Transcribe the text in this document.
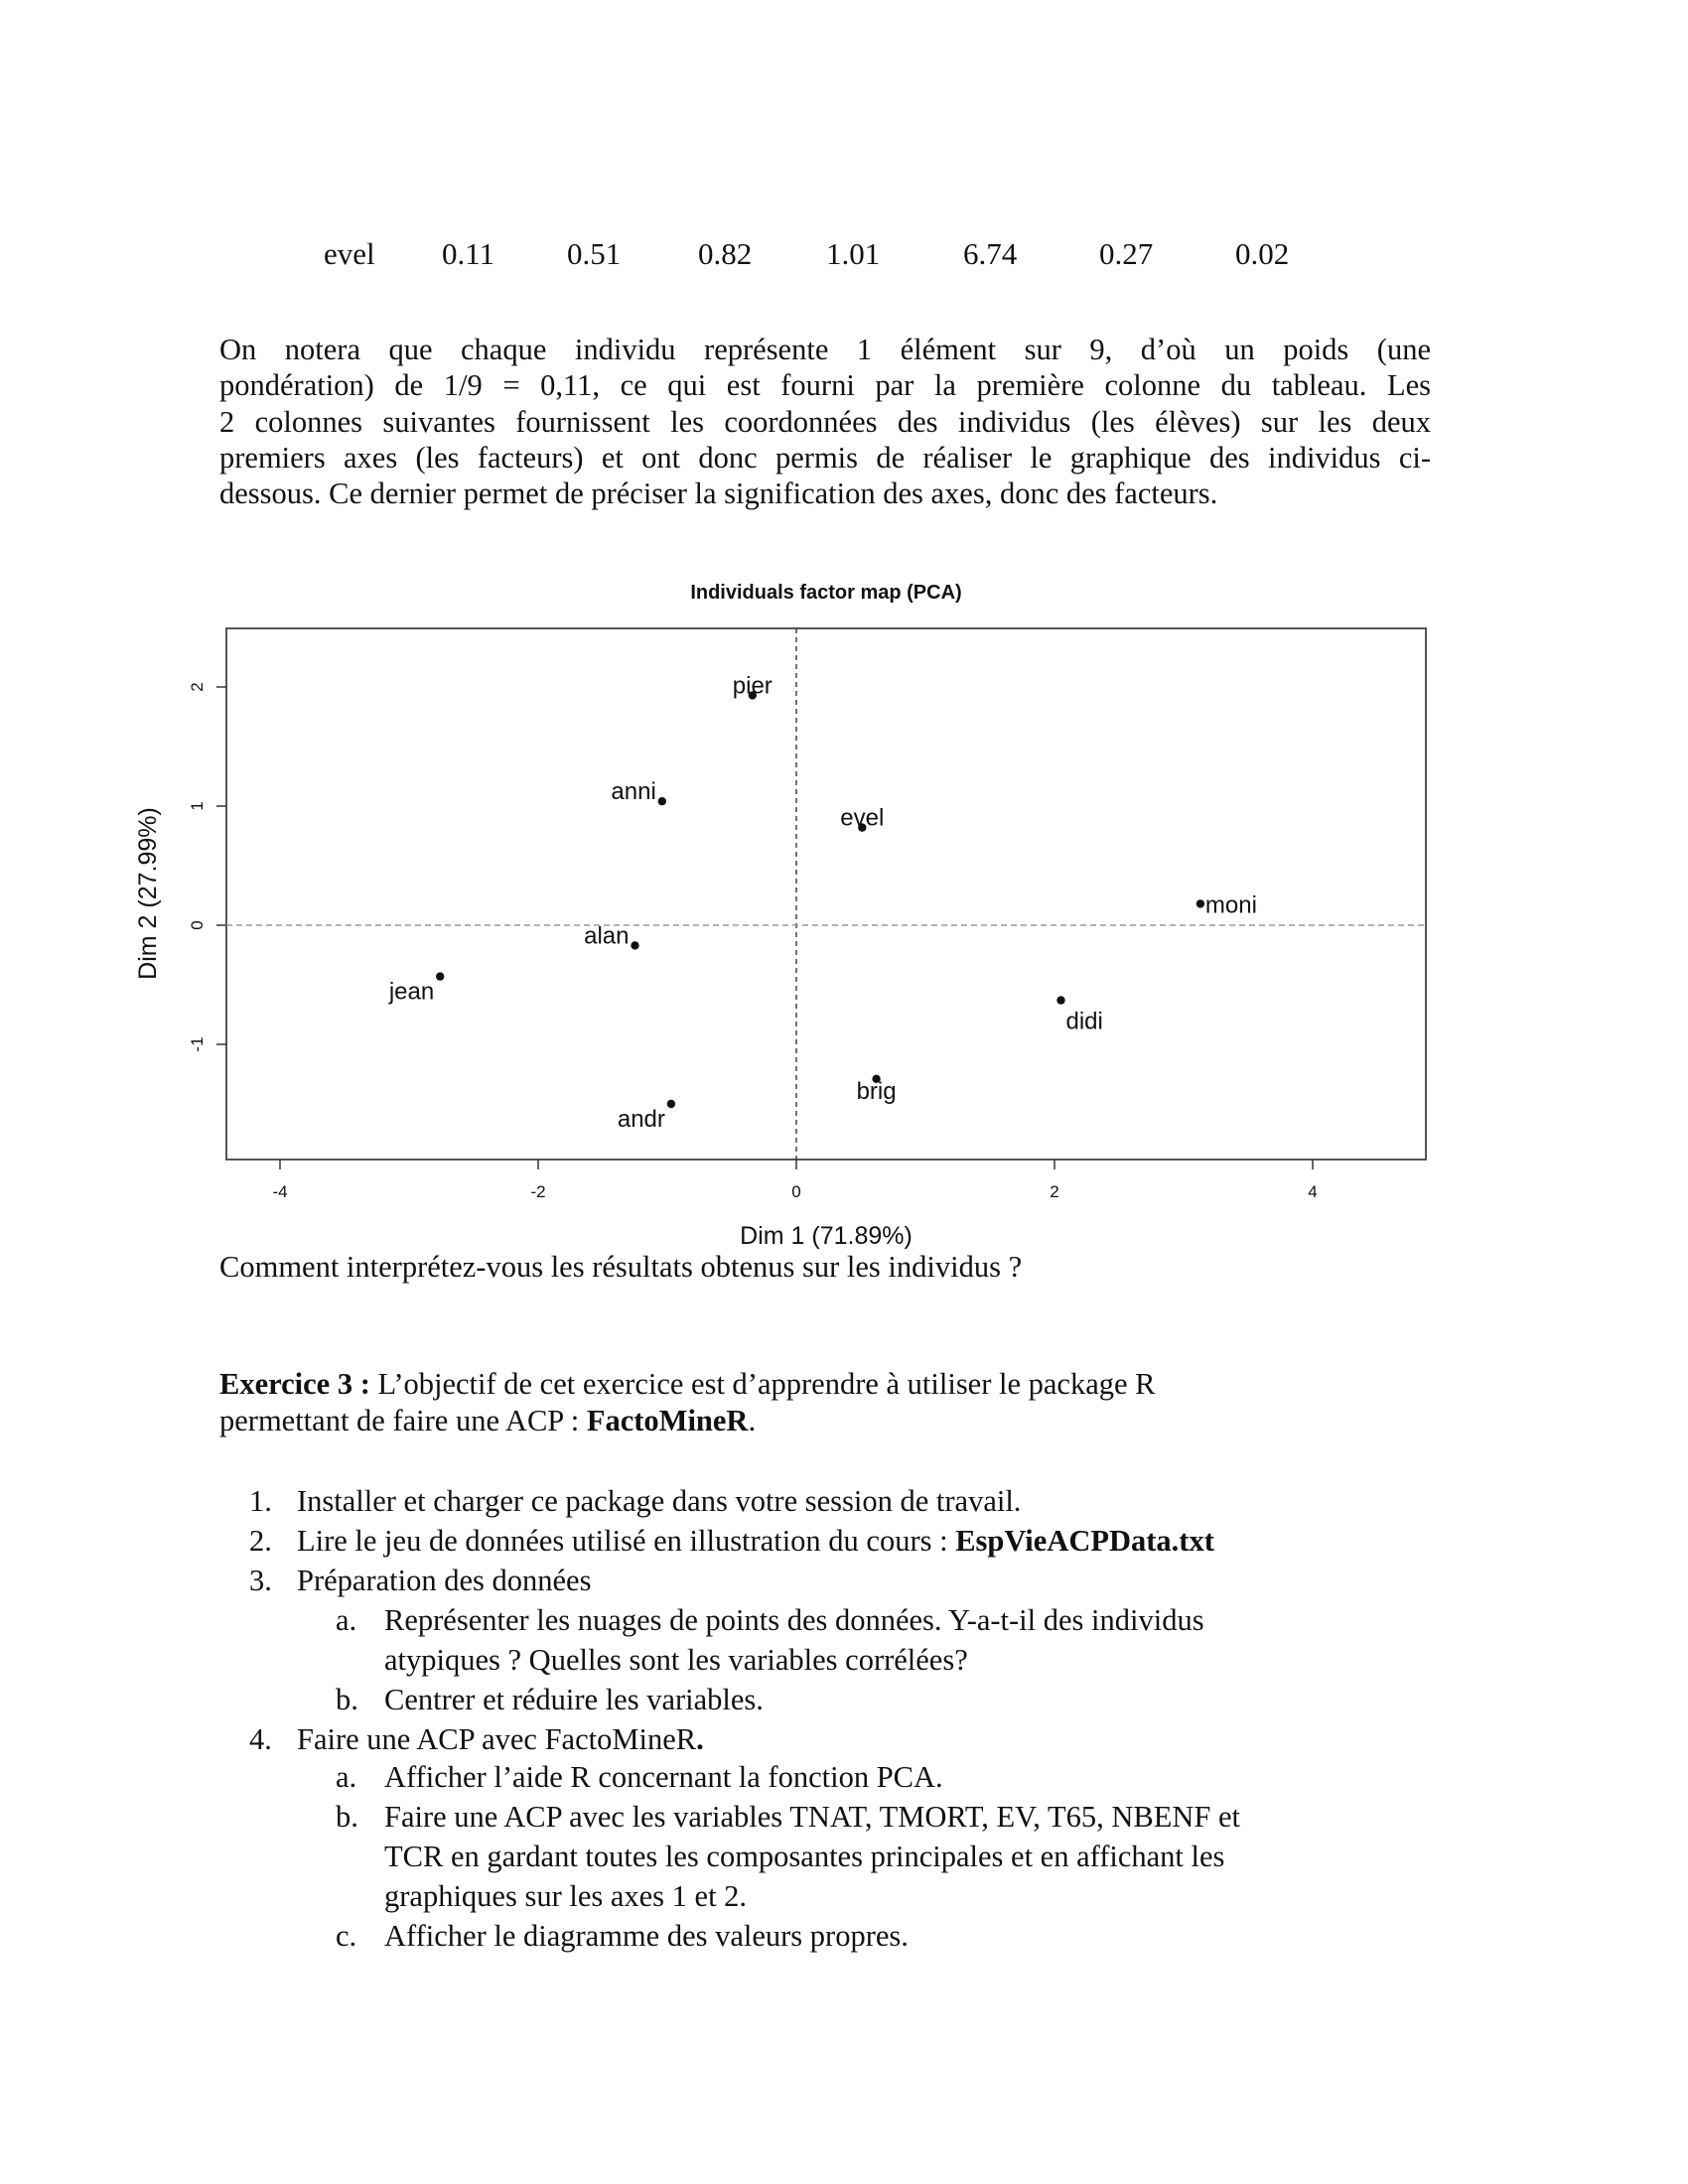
evel 0.11 0.51	0.82 1.01	6.74	0.27	0.02
On notera que chaque individu représente 1 élément sur 9, d’où un poids (une
pondération) de 1/9 = 0,11, ce qui est fourni par la première colonne du tableau. Les
2 colonnes suivantes fournissent les coordonnées des individus (les élèves) sur les deux
premiers axes (les facteurs) et ont donc permis de réaliser le graphique des individus ci-
dessous. Ce dernier permet de préciser la signification des axes, donc des facteurs.
Individuals factor map (PCA)
-4	-2	0	2	4
-1
0
1
2	pier
anni
evel
moni
alan
jean
didi
brig
andr
Dim 1 (71.89%)
Dim 2 (27.99%)
Comment interprétez-vous les résultats obtenus sur les individus ?
Exercice 3 : L’objectif de cet exercice est d’apprendre à utiliser le package R
permettant de faire une ACP : FactoMineR.
1. Installer et charger ce package dans votre session de travail.
2. Lire le jeu de données utilisé en illustration du cours : EspVieACPData.txt
3. Préparation des données
a. Représenter les nuages de points des données. Y-a-t-il des individus
atypiques ? Quelles sont les variables corrélées?
b. Centrer et réduire les variables.
4. Faire une ACP avec FactoMineR.
a. Afficher l’aide R concernant la fonction PCA.
b. Faire une ACP avec les variables TNAT, TMORT, EV, T65, NBENF et
TCR en gardant toutes les composantes principales et en affichant les
graphiques sur les axes 1 et 2.
c. Afficher le diagramme des valeurs propres.
